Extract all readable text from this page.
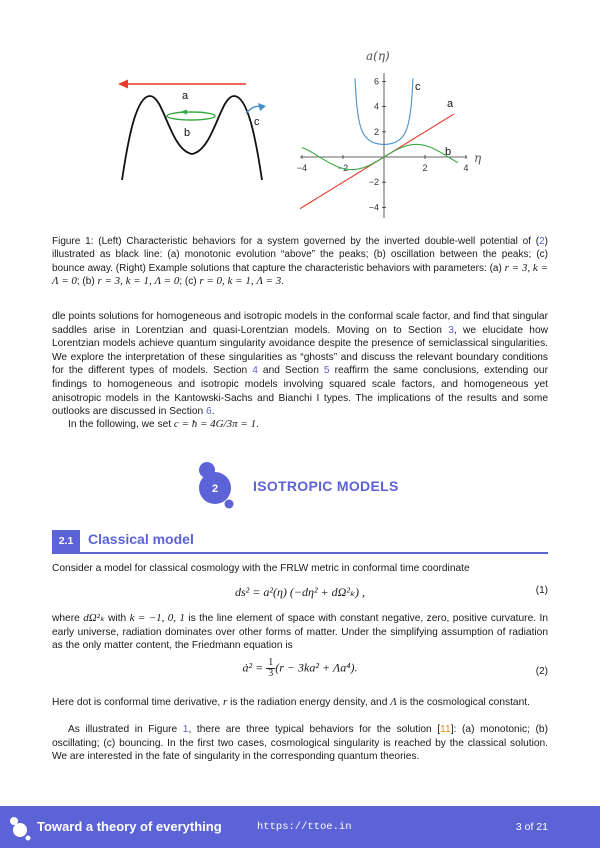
a
b
c
a(η)
η
−4	−2	2	4
6
4
2
−2
−4
a
b
c

Figure 1: (Left) Characteristic behaviors for a system governed by the inverted double-well potential of (2) illustrated as black line: (a) monotonic evolution “above” the peaks; (b) oscillation between the peaks; (c) bounce away. (Right) Example solutions that capture the characteristic behaviors with parameters: (a) r = 3, k = Λ = 0; (b) r = 3, k = 1, Λ = 0; (c) r = 0, k = 1, Λ = 3.

dle points solutions for homogeneous and isotropic models in the conformal scale factor, and find that singular saddles arise in Lorentzian and quasi-Lorentzian models. Moving on to Section 3, we elucidate how Lorentzian models achieve quantum singularity avoidance despite the presence of semiclassical singularities. We explore the interpretation of these singularities as “ghosts” and discuss the relevant boundary conditions for the different types of models. Section 4 and Section 5 reaffirm the same conclusions, extending our findings to homogeneous and isotropic models involving squared scale factors, and homogeneous yet anisotropic models in the Kantowski-Sachs and Bianchi I types. The implications of the results and some outlooks are discussed in Section 6.

In the following, we set c = ħ = 4G/3π = 1.

2 ISOTROPIC MODELS
2.1	Classical model

Consider a model for classical cosmology with the FRLW metric in conformal time coordinate

ds² = a²(η) (−dη² + dΩ²ₖ) ,	(1)

where dΩ²ₖ with k = −1, 0, 1 is the line element of space with constant negative, zero, positive curvature. In early universe, radiation dominates over other forms of matter. Under the simplifying assumption of radiation as the only matter content, the Friedmann equation is

ȧ² = $\frac{1}{3} (r - 3ka^2 + \Lambda a^4)$.	(2)

Here dot is conformal time derivative, r is the radiation energy density, and Λ is the cosmological constant.

As illustrated in Figure 1, there are three typical behaviors for the solution [11]: (a) monotonic; (b) oscillating; (c) bouncing. In the first two cases, cosmological singularity is reached by the classical solution. We are interested in the fate of singularity in the corresponding quantum theories.

Toward a theory of everything	https://ttoe.in	3 of 21
